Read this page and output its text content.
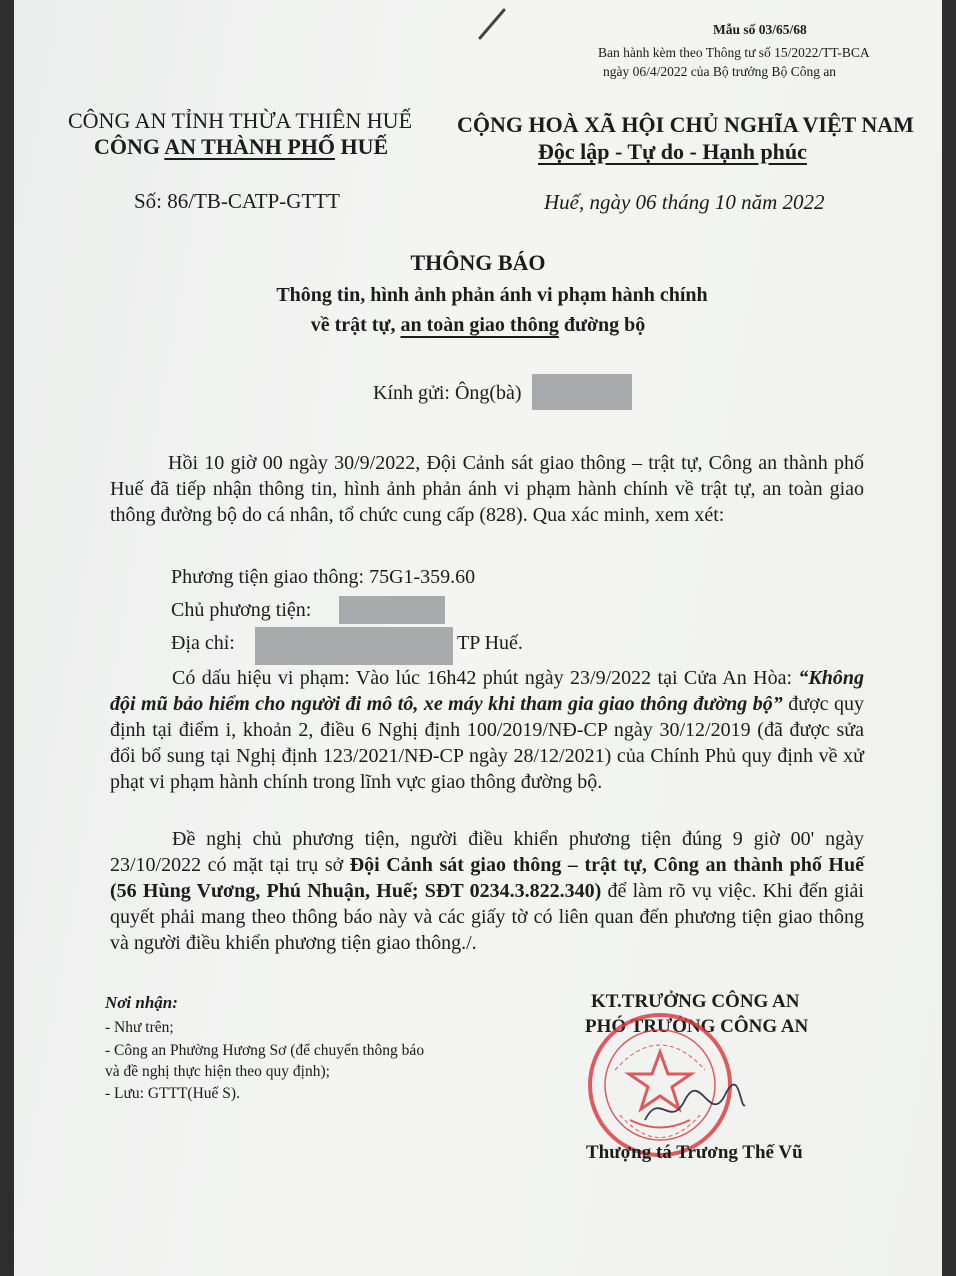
Mẫu số 03/65/68
Ban hành kèm theo Thông tư số 15/2022/TT-BCA
ngày 06/4/2022 của Bộ trưởng Bộ Công an
CÔNG AN TỈNH THỪA THIÊN HUẾ
CÔNG AN THÀNH PHỐ HUẾ
CỘNG HOÀ XÃ HỘI CHỦ NGHĨA VIỆT NAM
Độc lập - Tự do - Hạnh phúc
Số: 86/TB-CATP-GTTT	Huế, ngày 06 tháng 10 năm 2022
THÔNG BÁO
Thông tin, hình ảnh phản ánh vi phạm hành chính
về trật tự, an toàn giao thông đường bộ
Kính gửi: Ông(bà)
Hồi 10 giờ 00 ngày 30/9/2022, Đội Cảnh sát giao thông – trật tự, Công an thành phố Huế đã tiếp nhận thông tin, hình ảnh phản ánh vi phạm hành chính về trật tự, an toàn giao thông đường bộ do cá nhân, tổ chức cung cấp (828). Qua xác minh, xem xét:
Phương tiện giao thông: 75G1-359.60
Chủ phương tiện:
Địa chỉ:	TP Huế.
Có dấu hiệu vi phạm: Vào lúc 16h42 phút ngày 23/9/2022 tại Cửa An Hòa: “Không đội mũ bảo hiểm cho người đi mô tô, xe máy khi tham gia giao thông đường bộ” được quy định tại điểm i, khoản 2, điều 6 Nghị định 100/2019/NĐ-CP ngày 30/12/2019 (đã được sửa đổi bổ sung tại Nghị định 123/2021/NĐ-CP ngày 28/12/2021) của Chính Phủ quy định về xử phạt vi phạm hành chính trong lĩnh vực giao thông đường bộ.
Đề nghị chủ phương tiện, người điều khiển phương tiện đúng 9 giờ 00' ngày 23/10/2022 có mặt tại trụ sở Đội Cảnh sát giao thông – trật tự, Công an thành phố Huế (56 Hùng Vương, Phú Nhuận, Huế; SĐT 0234.3.822.340) để làm rõ vụ việc. Khi đến giải quyết phải mang theo thông báo này và các giấy tờ có liên quan đến phương tiện giao thông và người điều khiển phương tiện giao thông./.
Nơi nhận:
- Như trên;
- Công an Phường Hương Sơ (để chuyển thông báo
và đề nghị thực hiện theo quy định);
- Lưu: GTTT(Huế S).
KT.TRƯỞNG CÔNG AN
PHÓ TRƯỞNG CÔNG AN
Thượng tá Trương Thế Vũ
